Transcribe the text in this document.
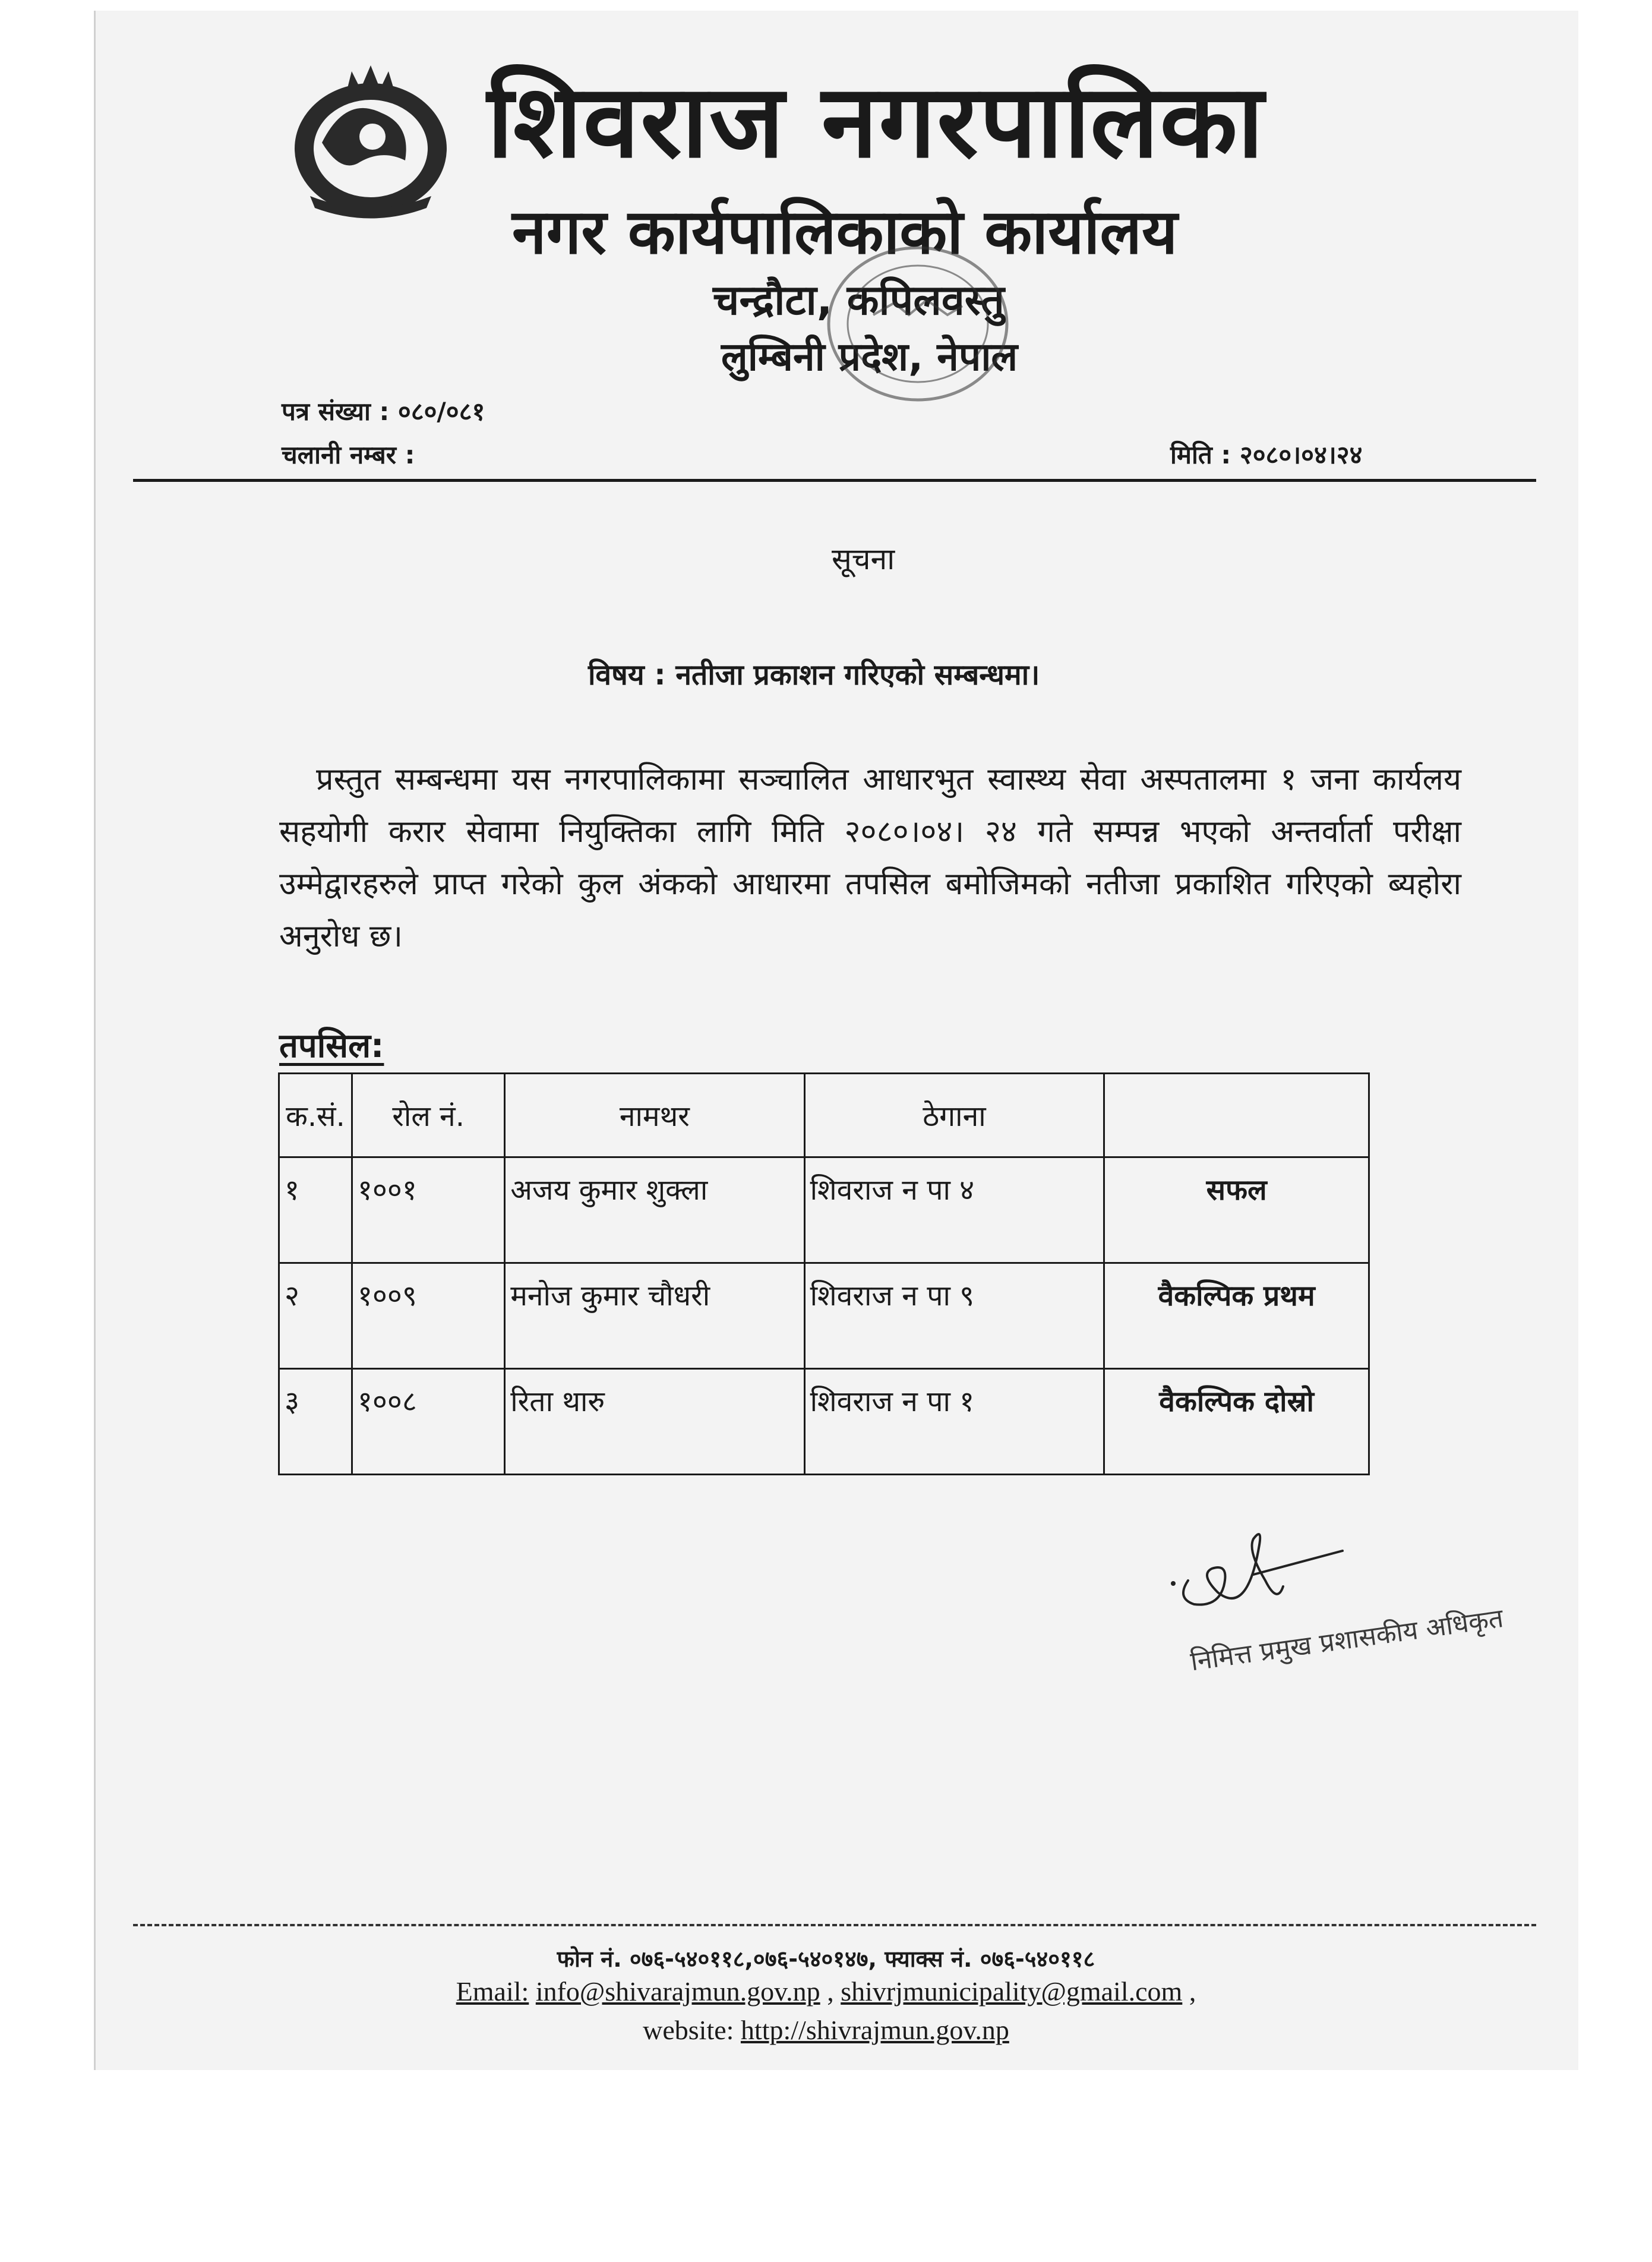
शिवराज नगरपालिका
नगर कार्यपालिकाको कार्यालय
चन्द्रौटा, कपिलवस्तु
लुम्बिनी प्रदेश, नेपाल
पत्र संख्या : ०८०/०८१
चलानी नम्बर :	मिति : २०८०।०४।२४
सूचना
विषय : नतीजा प्रकाशन गरिएको सम्बन्धमा।
प्रस्तुत सम्बन्धमा यस नगरपालिकामा सञ्चालित आधारभुत स्वास्थ्य सेवा अस्पतालमा १ जना कार्यलय सहयोगी करार सेवामा नियुक्तिका लागि मिति २०८०।०४। २४ गते सम्पन्न भएको अन्तर्वार्ता परीक्षा उम्मेद्वारहरुले प्राप्त गरेको कुल अंकको आधारमा तपसिल बमोजिमको नतीजा प्रकाशित गरिएको ब्यहोरा अनुरोध छ।
तपसिल:
क.सं.	रोल नं.	नामथर	ठेगाना	
१	१००१	अजय कुमार शुक्ला	शिवराज न पा ४	सफल
२	१००९	मनोज कुमार चौधरी	शिवराज न पा ९	वैकल्पिक प्रथम
३	१००८	रिता थारु	शिवराज न पा १	वैकल्पिक दोस्रो
निमित्त प्रमुख प्रशासकीय अधिकृत
फोन नं. ०७६-५४०११८,०७६-५४०१४७, फ्याक्स नं. ०७६-५४०११८
Email: info@shivarajmun.gov.np , shivrjmunicipality@gmail.com ,
website: http://shivrajmun.gov.np
